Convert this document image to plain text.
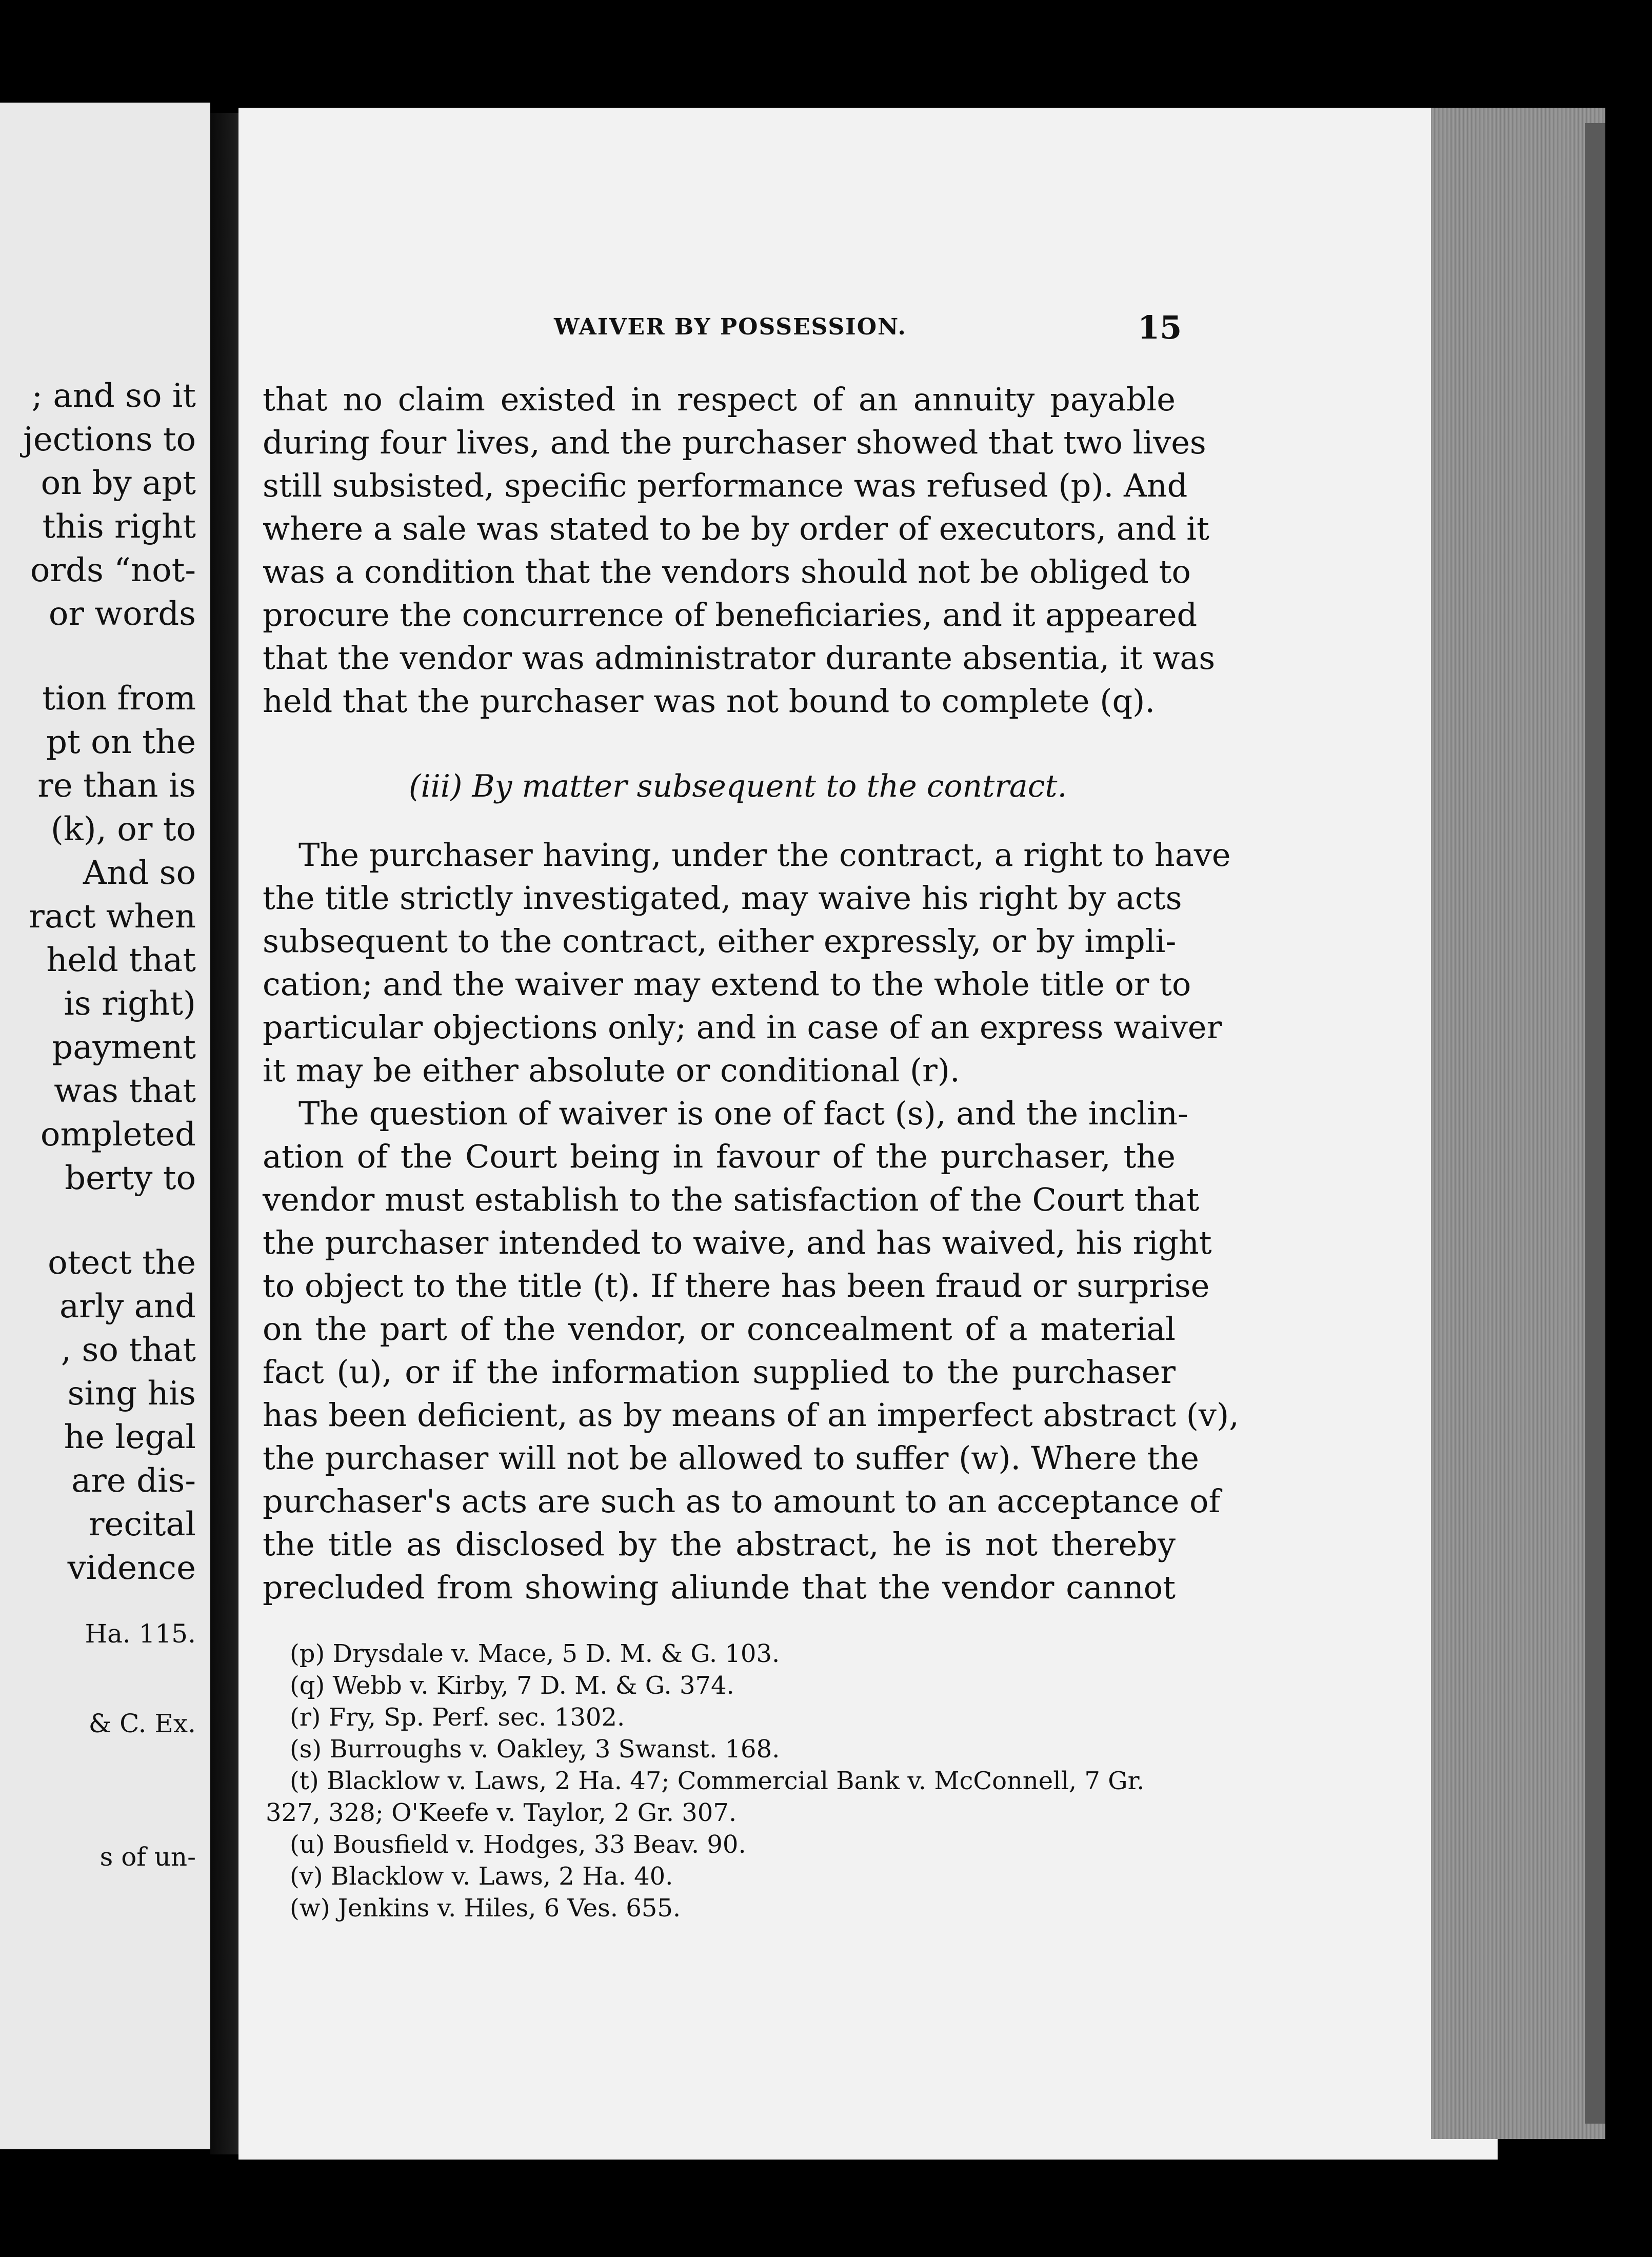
; and so it
jections to
on by apt
this right
ords “not-
or words
tion from
pt on the
re than is
(k), or to
And so
ract when
held that
is right)
payment
was that
ompleted
berty to
otect the
arly and
, so that
sing his
he legal
are dis-
recital
vidence
Ha. 115.
& C. Ex.
s of un-
WAIVER BY POSSESSION.	15
that no claim existed in respect of an annuity payable
during four lives, and the purchaser showed that two lives
still subsisted, specific performance was refused (p). And
where a sale was stated to be by order of executors, and it
was a condition that the vendors should not be obliged to
procure the concurrence of beneficiaries, and it appeared
that the vendor was administrator durante absentia, it was
held that the purchaser was not bound to complete (q).
(iii) By matter subsequent to the contract.
The purchaser having, under the contract, a right to have
the title strictly investigated, may waive his right by acts
subsequent to the contract, either expressly, or by impli-
cation; and the waiver may extend to the whole title or to
particular objections only; and in case of an express waiver
it may be either absolute or conditional (r).
The question of waiver is one of fact (s), and the inclin-
ation of the Court being in favour of the purchaser, the
vendor must establish to the satisfaction of the Court that
the purchaser intended to waive, and has waived, his right
to object to the title (t). If there has been fraud or surprise
on the part of the vendor, or concealment of a material
fact (u), or if the information supplied to the purchaser
has been deficient, as by means of an imperfect abstract (v),
the purchaser will not be allowed to suffer (w). Where the
purchaser's acts are such as to amount to an acceptance of
the title as disclosed by the abstract, he is not thereby
precluded from showing aliunde that the vendor cannot
(p) Drysdale v. Mace, 5 D. M. & G. 103.
(q) Webb v. Kirby, 7 D. M. & G. 374.
(r) Fry, Sp. Perf. sec. 1302.
(s) Burroughs v. Oakley, 3 Swanst. 168.
(t) Blacklow v. Laws, 2 Ha. 47; Commercial Bank v. McConnell, 7 Gr.
327, 328; O'Keefe v. Taylor, 2 Gr. 307.
(u) Bousfield v. Hodges, 33 Beav. 90.
(v) Blacklow v. Laws, 2 Ha. 40.
(w) Jenkins v. Hiles, 6 Ves. 655.
